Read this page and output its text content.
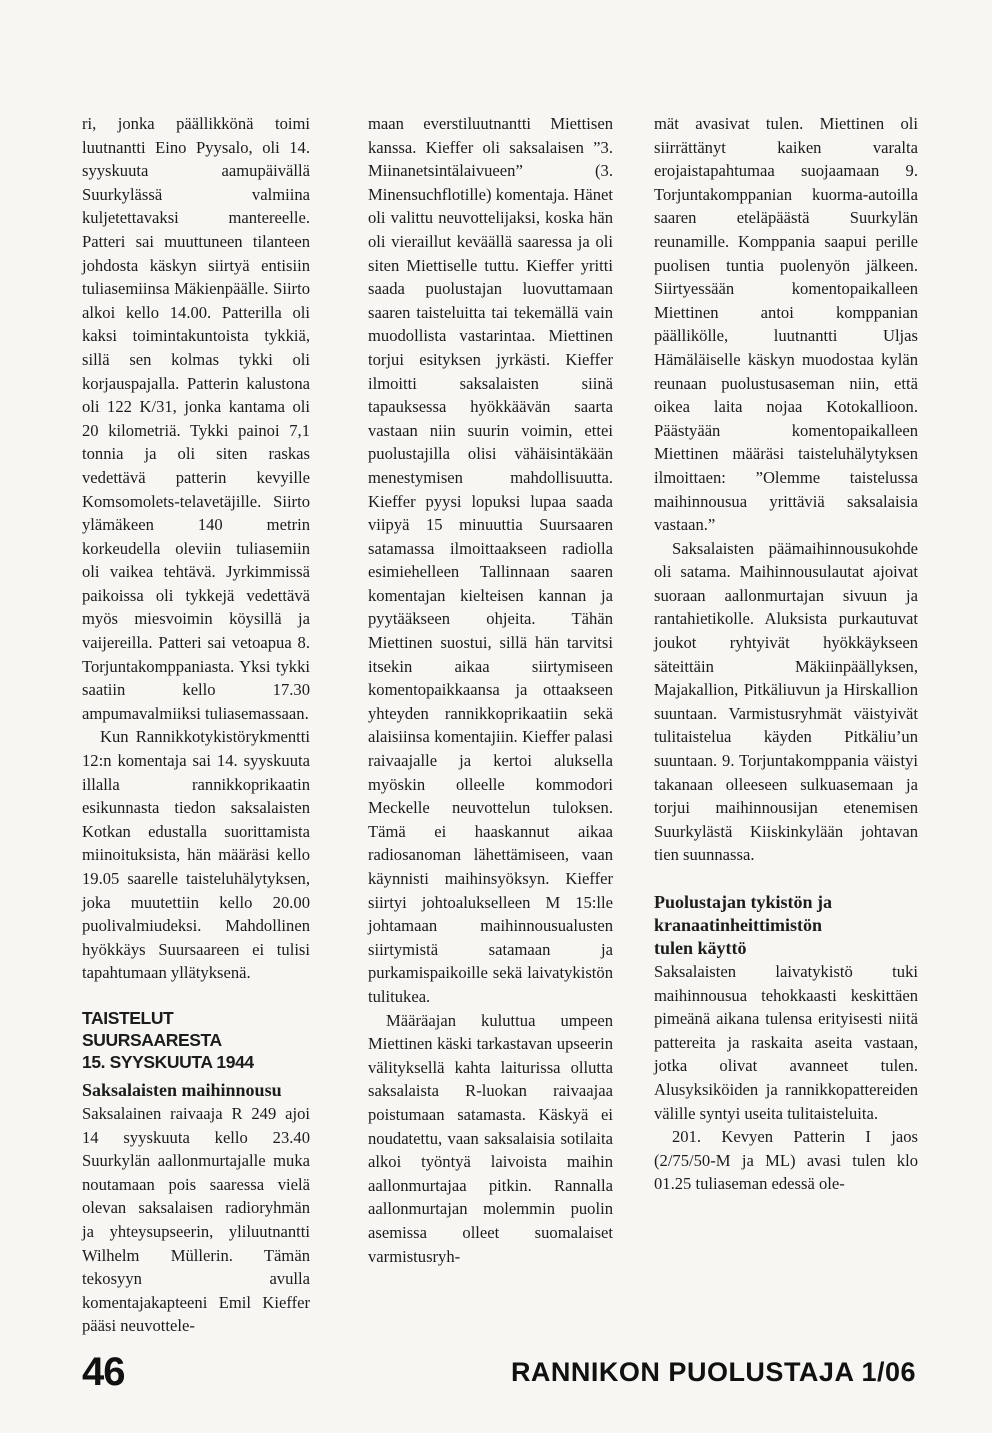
ri, jonka päällikkönä toimi luutnantti Eino Pyysalo, oli 14. syyskuuta aamupäivällä Suurkylässä valmiina kuljetettavaksi mantereelle. Patteri sai muuttuneen tilanteen johdosta käskyn siirtyä entisiin tuliasemiinsa Mäkienpäälle. Siirto alkoi kello 14.00. Patterilla oli kaksi toimintakuntoista tykkiä, sillä sen kolmas tykki oli korjauspajalla. Patterin kalustona oli 122 K/31, jonka kantama oli 20 kilometriä. Tykki painoi 7,1 tonnia ja oli siten raskas vedettävä patterin kevyille Komsomolets-telavetäjille. Siirto ylämäkeen 140 metrin korkeudella oleviin tuliasemiin oli vaikea tehtävä. Jyrkimmissä paikoissa oli tykkejä vedettävä myös miesvoimin köysillä ja vaijereilla. Patteri sai vetoapua 8. Torjuntakomppaniasta. Yksi tykki saatiin kello 17.30 ampumavalmiiksi tuliasemassaan.

Kun Rannikkotykistörykmentti 12:n komentaja sai 14. syyskuuta illalla rannikkoprikaatin esikunnasta tiedon saksalaisten Kotkan edustalla suorittamista miinoituksista, hän määräsi kello 19.05 saarelle taisteluhälytyksen, joka muutettiin kello 20.00 puolivalmiudeksi. Mahdollinen hyökkäys Suursaareen ei tulisi tapahtumaan yllätyksenä.

TAISTELUT SUURSAARESTA
15. SYYSKUUTA 1944
Saksalaisten maihinnousu

Saksalainen raivaaja R 249 ajoi 14 syyskuuta kello 23.40 Suurkylän aallonmurtajalle muka noutamaan pois saaressa vielä olevan saksalaisen radioryhmän ja yhteysupseerin, yliluutnantti Wilhelm Müllerin. Tämän tekosyyn avulla komentajakapteeni Emil Kieffer pääsi neuvottele-

maan everstiluutnantti Miettisen kanssa. Kieffer oli saksalaisen ”3. Miinanetsintälaivueen” (3. Minensuchflotille) komentaja. Hänet oli valittu neuvottelijaksi, koska hän oli vieraillut keväällä saaressa ja oli siten Miettiselle tuttu. Kieffer yritti saada puolustajan luovuttamaan saaren taisteluitta tai tekemällä vain muodollista vastarintaa. Miettinen torjui esityksen jyrkästi. Kieffer ilmoitti saksalaisten siinä tapauksessa hyökkäävän saarta vastaan niin suurin voimin, ettei puolustajilla olisi vähäisintäkään menestymisen mahdollisuutta. Kieffer pyysi lopuksi lupaa saada viipyä 15 minuuttia Suursaaren satamassa ilmoittaakseen radiolla esimiehelleen Tallinnaan saaren komentajan kielteisen kannan ja pyytääkseen ohjeita. Tähän Miettinen suostui, sillä hän tarvitsi itsekin aikaa siirtymiseen komentopaikkaansa ja ottaakseen yhteyden rannikkoprikaatiin sekä alaisiinsa komentajiin. Kieffer palasi raivaajalle ja kertoi aluksella myöskin olleelle kommodori Meckelle neuvottelun tuloksen. Tämä ei haaskannut aikaa radiosanoman lähettämiseen, vaan käynnisti maihinsyöksyn. Kieffer siirtyi johtoalukselleen M 15:lle johtamaan maihinnousualusten siirtymistä satamaan ja purkamispaikoille sekä laivatykistön tulitukea.

Määräajan kuluttua umpeen Miettinen käski tarkastavan upseerin välityksellä kahta laiturissa ollutta saksalaista R-luokan raivaajaa poistumaan satamasta. Käskyä ei noudatettu, vaan saksalaisia sotilaita alkoi työntyä laivoista maihin aallonmurtajaa pitkin. Rannalla aallonmurtajan molemmin puolin asemissa olleet suomalaiset varmistusryh-

mät avasivat tulen. Miettinen oli siirrättänyt kaiken varalta erojaistapahtumaa suojaamaan 9. Torjuntakomppanian kuorma-autoilla saaren eteläpäästä Suurkylän reunamille. Komppania saapui perille puolisen tuntia puolenyön jälkeen. Siirtyessään komentopaikalleen Miettinen antoi komppanian päällikölle, luutnantti Uljas Hämäläiselle käskyn muodostaa kylän reunaan puolustusaseman niin, että oikea laita nojaa Kotokallioon. Päästyään komentopaikalleen Miettinen määräsi taisteluhälytyksen ilmoittaen: ”Olemme taistelussa maihinnousua yrittäviä saksalaisia vastaan.”

Saksalaisten päämaihinnousukohde oli satama. Maihinnousulautat ajoivat suoraan aallonmurtajan sivuun ja rantahietikolle. Aluksista purkautuvat joukot ryhtyivät hyökkäykseen säteittäin Mäkiinpäällyksen, Majakallion, Pitkäliuvun ja Hirskallion suuntaan. Varmistusryhmät väistyivät tulitaistelua käyden Pitkäliu’un suuntaan. 9. Torjuntakomppania väistyi takanaan olleeseen sulkuasemaan ja torjui maihinnousijan etenemisen Suurkylästä Kiiskinkylään johtavan tien suunnassa.

Puolustajan tykistön ja
kranaatinheittimistön
tulen käyttö

Saksalaisten laivatykistö tuki maihinnousua tehokkaasti keskittäen pimeänä aikana tulensa erityisesti niitä pattereita ja raskaita aseita vastaan, jotka olivat avanneet tulen. Alusyksiköiden ja rannikkopattereiden välille syntyi useita tulitaisteluita.

201. Kevyen Patterin I jaos (2/75/50-M ja ML) avasi tulen klo 01.25 tuliaseman edessä ole-

46	RANNIKON PUOLUSTAJA 1/06
